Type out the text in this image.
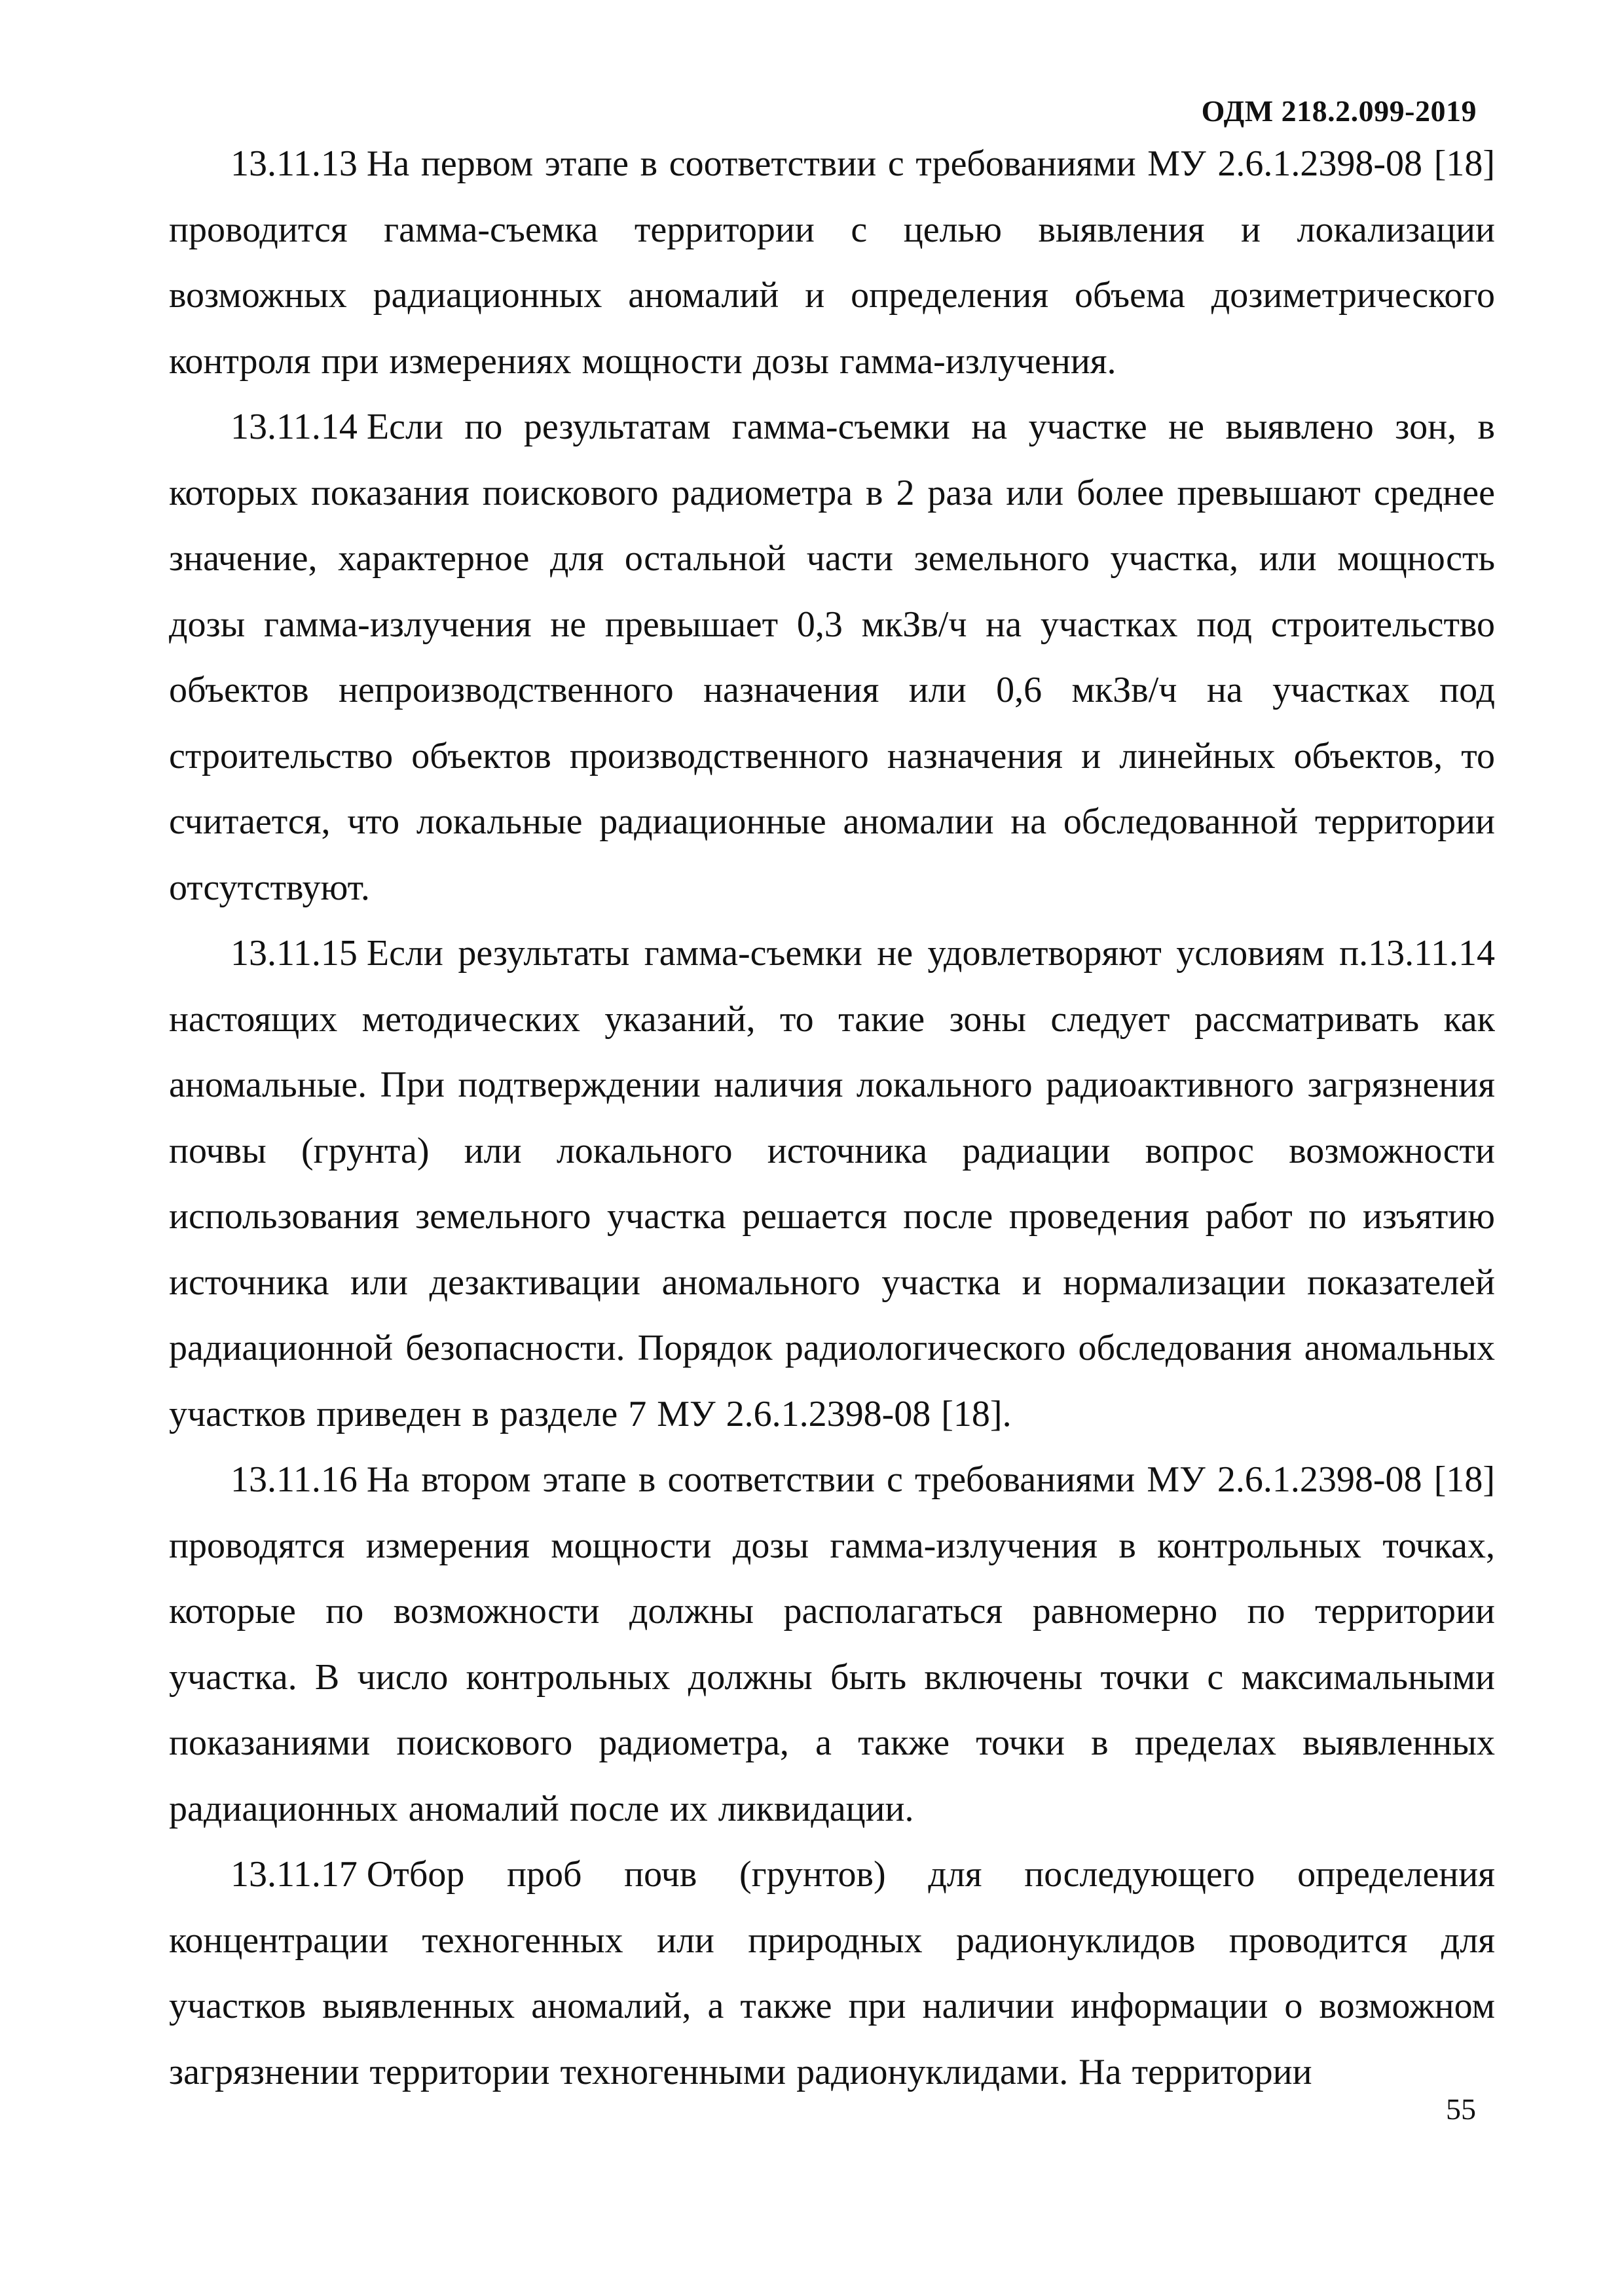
ОДМ 218.2.099-2019

13.11.13 На первом этапе в соответствии с требованиями МУ 2.6.1.2398-08 [18] проводится гамма-съемка территории с целью выявления и локализации возможных радиационных аномалий и определения объема дозиметрического контроля при измерениях мощности дозы гамма-излучения.

13.11.14 Если по результатам гамма-съемки на участке не выявлено зон, в которых показания поискового радиометра в 2 раза или более превышают среднее значение, характерное для остальной части земельного участка, или мощность дозы гамма-излучения не превышает 0,3 мкЗв/ч на участках под строительство объектов непроизводственного назначения или 0,6 мкЗв/ч на участках под строительство объектов производственного назначения и линейных объектов, то считается, что локальные радиационные аномалии на обследованной территории отсутствуют.

13.11.15 Если результаты гамма-съемки не удовлетворяют условиям п.13.11.14 настоящих методических указаний, то такие зоны следует рассматривать как аномальные. При подтверждении наличия локального радиоактивного загрязнения почвы (грунта) или локального источника радиации вопрос возможности использования земельного участка решается после проведения работ по изъятию источника или дезактивации аномального участка и нормализации показателей радиационной безопасности. Порядок радиологического обследования аномальных участков приведен в разделе 7 МУ 2.6.1.2398-08 [18].

13.11.16 На втором этапе в соответствии с требованиями МУ 2.6.1.2398-08 [18] проводятся измерения мощности дозы гамма-излучения в контрольных точках, которые по возможности должны располагаться равномерно по территории участка. В число контрольных должны быть включены точки с максимальными показаниями поискового радиометра, а также точки в пределах выявленных радиационных аномалий после их ликвидации.

13.11.17 Отбор проб почв (грунтов) для последующего определения концентрации техногенных или природных радионуклидов проводится для участков выявленных аномалий, а также при наличии информации о возможном загрязнении территории техногенными радионуклидами. На территории

55
